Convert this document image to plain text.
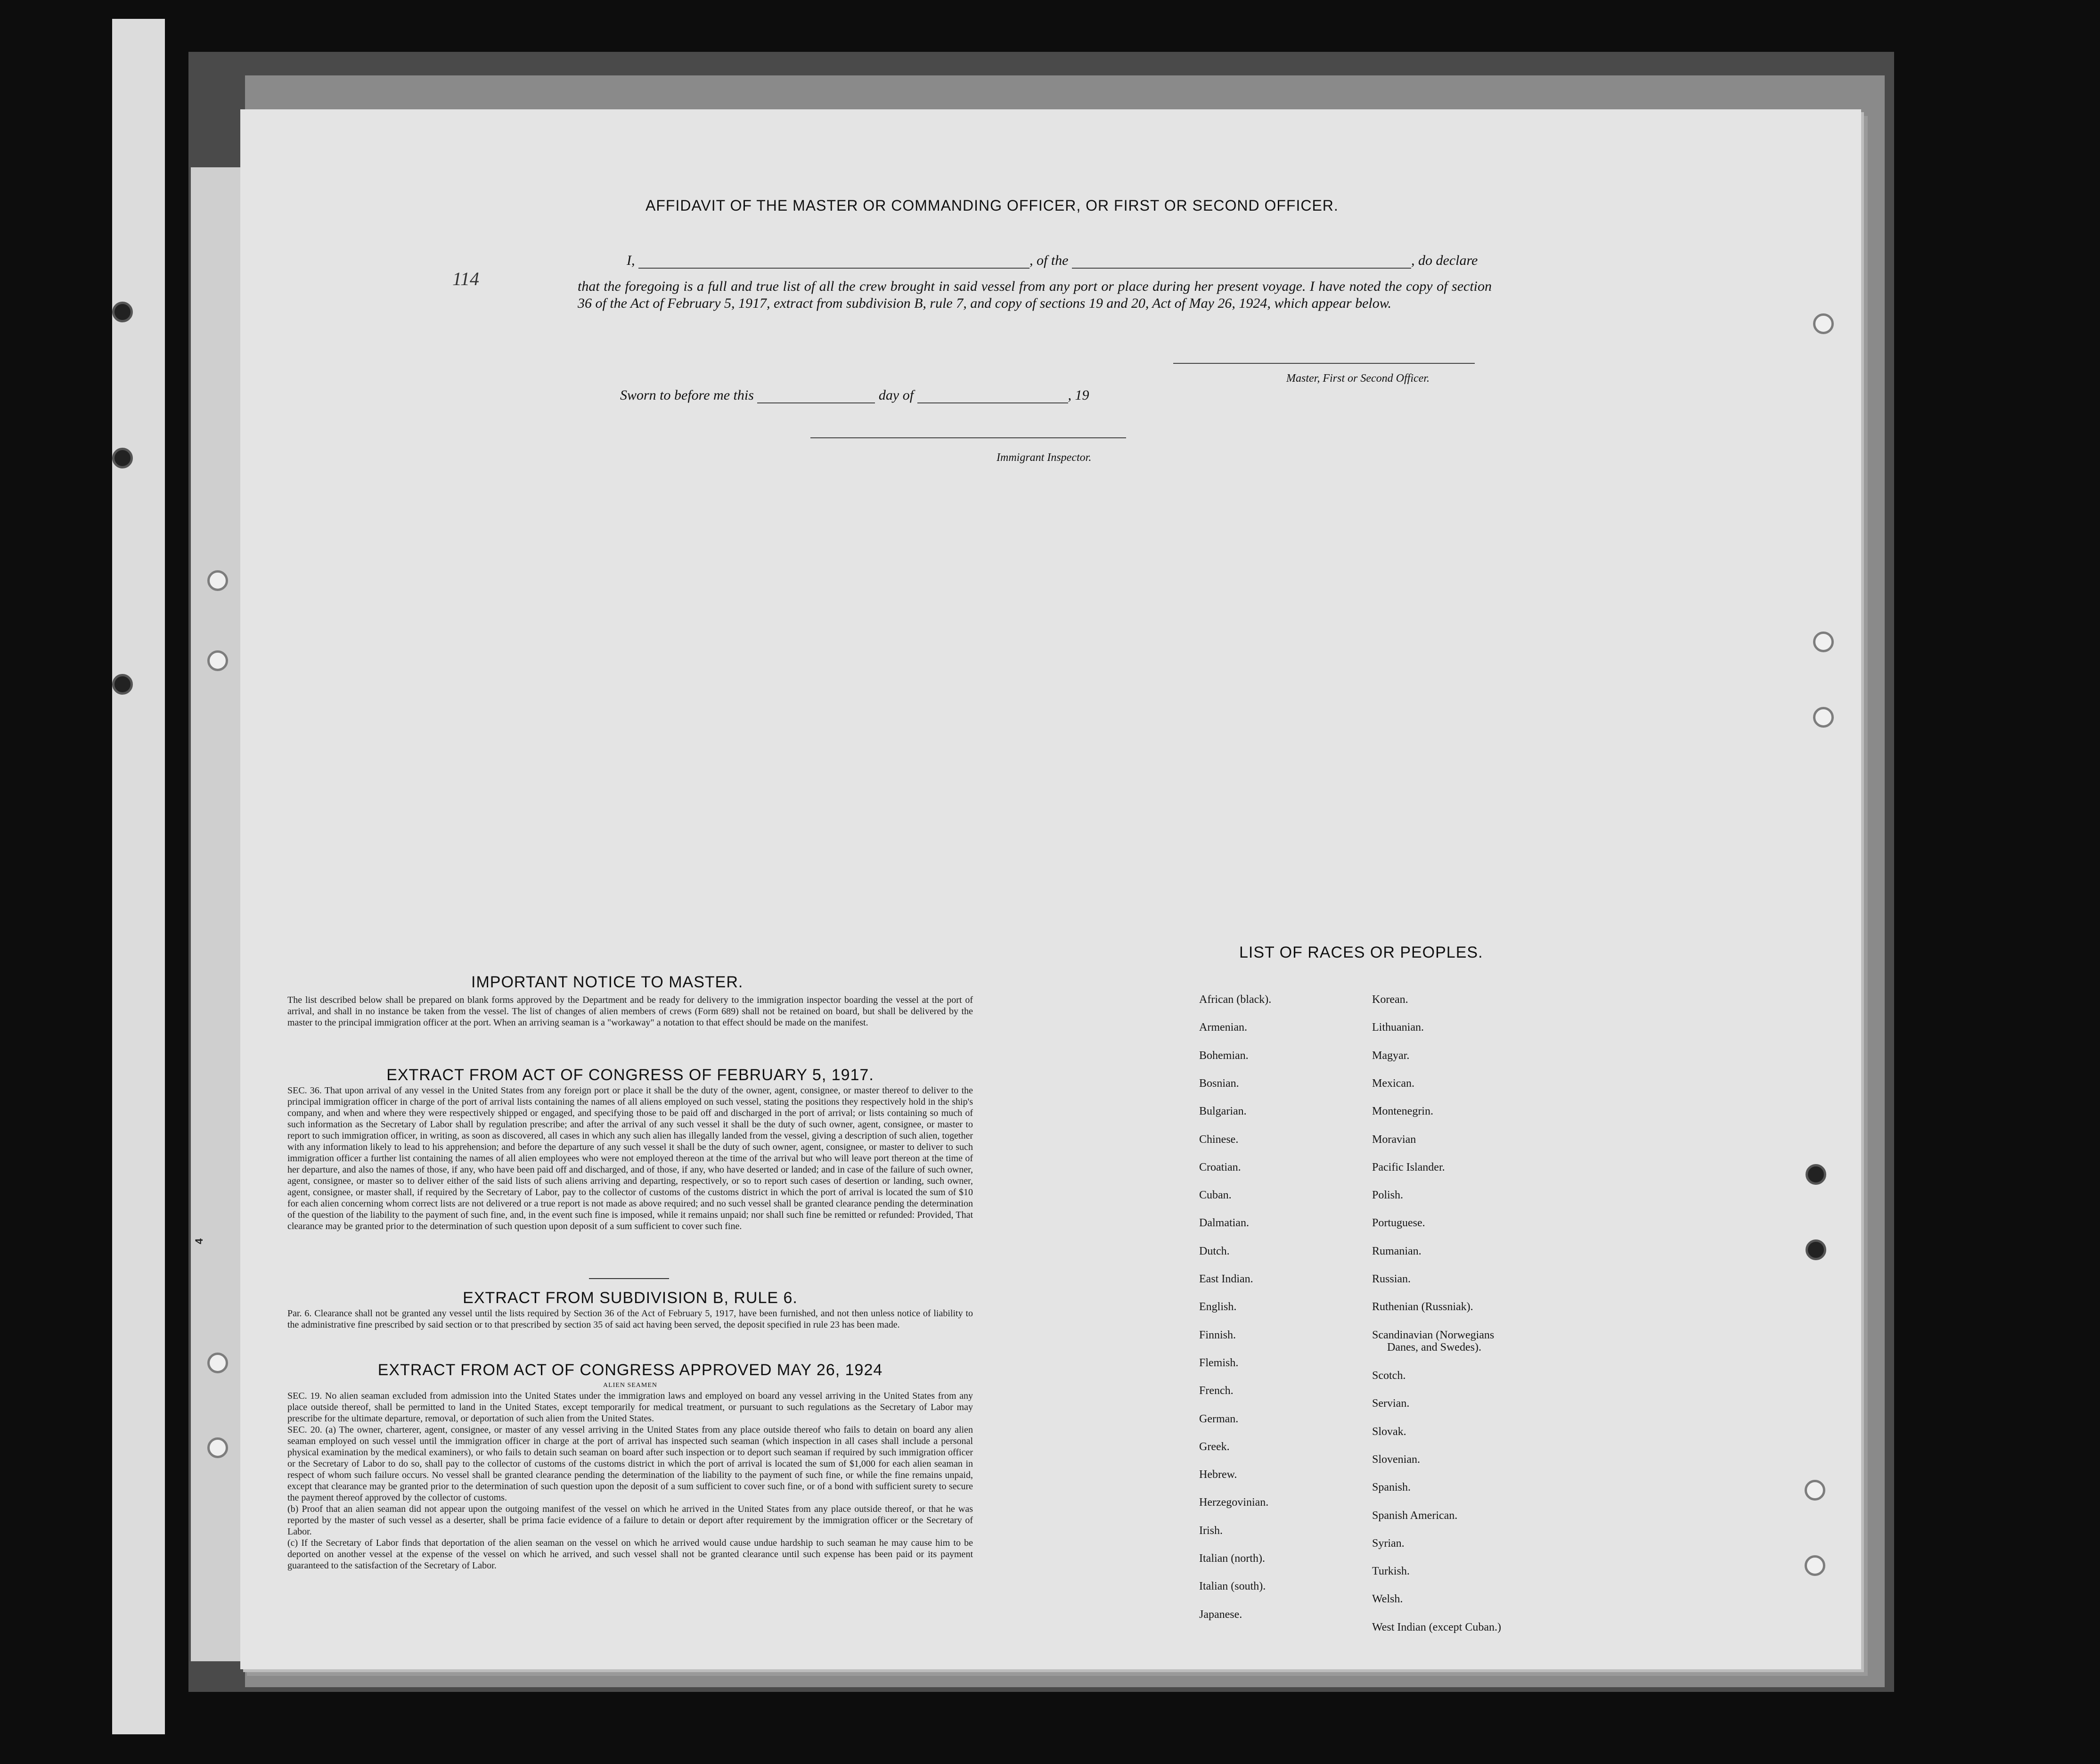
4
114
AFFIDAVIT OF THE MASTER OR COMMANDING OFFICER, OR FIRST OR SECOND OFFICER.
I,	, of the	, do declare
that the foregoing is a full and true list of all the crew brought in said vessel from any port or place during her present voyage. I have noted the copy of section 36 of the Act of February 5, 1917, extract from subdivision B, rule 7, and copy of sections 19 and 20, Act of May 26, 1924, which appear below.
Master, First or Second Officer.
Sworn to before me this	day of	, 19
Immigrant Inspector.
IMPORTANT NOTICE TO MASTER.
The list described below shall be prepared on blank forms approved by the Department and be ready for delivery to the immigration inspector boarding the vessel at the port of arrival, and shall in no instance be taken from the vessel. The list of changes of alien members of crews (Form 689) shall not be retained on board, but shall be delivered by the master to the principal immigration officer at the port. When an arriving seaman is a "workaway" a notation to that effect should be made on the manifest.
EXTRACT FROM ACT OF CONGRESS OF FEBRUARY 5, 1917.
SEC. 36. That upon arrival of any vessel in the United States from any foreign port or place it shall be the duty of the owner, agent, consignee, or master thereof to deliver to the principal immigration officer in charge of the port of arrival lists containing the names of all aliens employed on such vessel, stating the positions they respectively hold in the ship's company, and when and where they were respectively shipped or engaged, and specifying those to be paid off and discharged in the port of arrival; or lists containing so much of such information as the Secretary of Labor shall by regulation prescribe; and after the arrival of any such vessel it shall be the duty of such owner, agent, consignee, or master to report to such immigration officer, in writing, as soon as discovered, all cases in which any such alien has illegally landed from the vessel, giving a description of such alien, together with any information likely to lead to his apprehension; and before the departure of any such vessel it shall be the duty of such owner, agent, consignee, or master to deliver to such immigration officer a further list containing the names of all alien employees who were not employed thereon at the time of the arrival but who will leave port thereon at the time of her departure, and also the names of those, if any, who have been paid off and discharged, and of those, if any, who have deserted or landed; and in case of the failure of such owner, agent, consignee, or master so to deliver either of the said lists of such aliens arriving and departing, respectively, or so to report such cases of desertion or landing, such owner, agent, consignee, or master shall, if required by the Secretary of Labor, pay to the collector of customs of the customs district in which the port of arrival is located the sum of $10 for each alien concerning whom correct lists are not delivered or a true report is not made as above required; and no such vessel shall be granted clearance pending the determination of the question of the liability to the payment of such fine, and, in the event such fine is imposed, while it remains unpaid; nor shall such fine be remitted or refunded: Provided, That clearance may be granted prior to the determination of such question upon deposit of a sum sufficient to cover such fine.
EXTRACT FROM SUBDIVISION B, RULE 6.
Par. 6. Clearance shall not be granted any vessel until the lists required by Section 36 of the Act of February 5, 1917, have been furnished, and not then unless notice of liability to the administrative fine prescribed by said section or to that prescribed by section 35 of said act having been served, the deposit specified in rule 23 has been made.
EXTRACT FROM ACT OF CONGRESS APPROVED MAY 26, 1924
ALIEN SEAMEN
SEC. 19. No alien seaman excluded from admission into the United States under the immigration laws and employed on board any vessel arriving in the United States from any place outside thereof, shall be permitted to land in the United States, except temporarily for medical treatment, or pursuant to such regulations as the Secretary of Labor may prescribe for the ultimate departure, removal, or deportation of such alien from the United States.
SEC. 20. (a) The owner, charterer, agent, consignee, or master of any vessel arriving in the United States from any place outside thereof who fails to detain on board any alien seaman employed on such vessel until the immigration officer in charge at the port of arrival has inspected such seaman (which inspection in all cases shall include a personal physical examination by the medical examiners), or who fails to detain such seaman on board after such inspection or to deport such seaman if required by such immigration officer or the Secretary of Labor to do so, shall pay to the collector of customs of the customs district in which the port of arrival is located the sum of $1,000 for each alien seaman in respect of whom such failure occurs. No vessel shall be granted clearance pending the determination of the liability to the payment of such fine, or while the fine remains unpaid, except that clearance may be granted prior to the determination of such question upon the deposit of a sum sufficient to cover such fine, or of a bond with sufficient surety to secure the payment thereof approved by the collector of customs.
(b) Proof that an alien seaman did not appear upon the outgoing manifest of the vessel on which he arrived in the United States from any place outside thereof, or that he was reported by the master of such vessel as a deserter, shall be prima facie evidence of a failure to detain or deport after requirement by the immigration officer or the Secretary of Labor.
(c) If the Secretary of Labor finds that deportation of the alien seaman on the vessel on which he arrived would cause undue hardship to such seaman he may cause him to be deported on another vessel at the expense of the vessel on which he arrived, and such vessel shall not be granted clearance until such expense has been paid or its payment guaranteed to the satisfaction of the Secretary of Labor.
LIST OF RACES OR PEOPLES.
African (black).
Armenian.
Bohemian.
Bosnian.
Bulgarian.
Chinese.
Croatian.
Cuban.
Dalmatian.
Dutch.
East Indian.
English.
Finnish.
Flemish.
French.
German.
Greek.
Hebrew.
Herzegovinian.
Irish.
Italian (north).
Italian (south).
Japanese.
Korean.
Lithuanian.
Magyar.
Mexican.
Montenegrin.
Moravian
Pacific Islander.
Polish.
Portuguese.
Rumanian.
Russian.
Ruthenian (Russniak).
Scandinavian (Norwegians
Danes, and Swedes).
Scotch.
Servian.
Slovak.
Slovenian.
Spanish.
Spanish American.
Syrian.
Turkish.
Welsh.
West Indian (except Cuban.)
